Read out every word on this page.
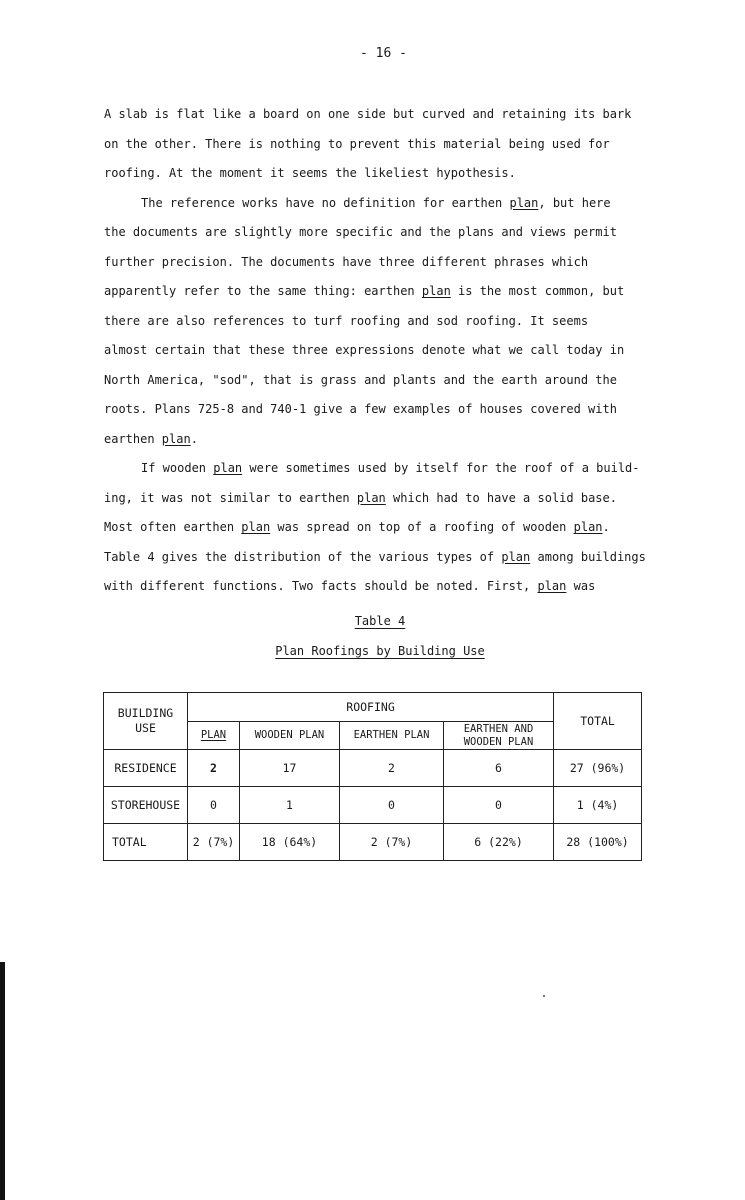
- 16 -

A slab is flat like a board on one side but curved and retaining its bark

on the other. There is nothing to prevent this material being used for

roofing. At the moment it seems the likeliest hypothesis.

The reference works have no definition for earthen plan, but here

the documents are slightly more specific and the plans and views permit

further precision. The documents have three different phrases which

apparently refer to the same thing: earthen plan is the most common, but

there are also references to turf roofing and sod roofing. It seems

almost certain that these three expressions denote what we call today in

North America, "sod", that is grass and plants and the earth around the

roots. Plans 725-8 and 740-1 give a few examples of houses covered with

earthen plan.

If wooden plan were sometimes used by itself for the roof of a build-

ing, it was not similar to earthen plan which had to have a solid base.

Most often earthen plan was spread on top of a roofing of wooden plan.

Table 4 gives the distribution of the various types of plan among buildings

with different functions. Two facts should be noted. First, plan was

Table 4
Plan Roofings by Building Use
BUILDING USE	ROOFING				TOTAL
	PLAN	WOODEN PLAN	EARTHEN PLAN	EARTHEN AND WOODEN PLAN	
RESIDENCE	2	17	2	6	27 (96%)
STOREHOUSE	0	1	0	0	1 (4%)
TOTAL	2 (7%)	18 (64%)	2 (7%)	6 (22%)	28 (100%)
